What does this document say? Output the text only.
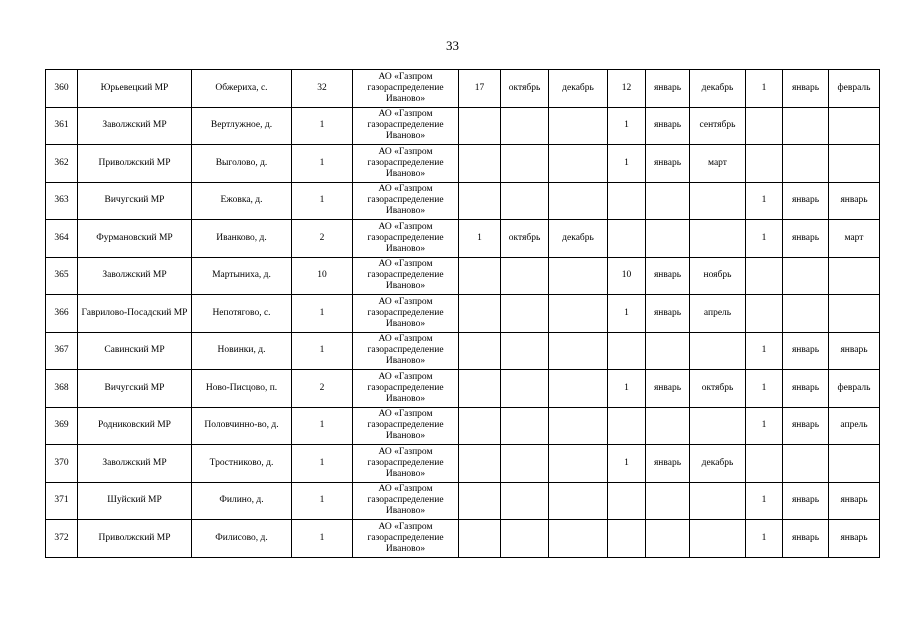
33
360	Юрьевецкий МР	Обжериха, с.	32	АО «Газпром
газораспределение
Иваново»	17	октябрь	декабрь	12	январь	декабрь	1	январь	февраль
361	Заволжский МР	Вертлужное, д.	1	АО «Газпром
газораспределение
Иваново»				1	январь	сентябрь			
362	Приволжский МР	Выголово, д.	1	АО «Газпром
газораспределение
Иваново»				1	январь	март			
363	Вичугский МР	Ежовка, д.	1	АО «Газпром
газораспределение
Иваново»							1	январь	январь
364	Фурмановский МР	Иванково, д.	2	АО «Газпром
газораспределение
Иваново»	1	октябрь	декабрь				1	январь	март
365	Заволжский МР	Мартыниха, д.	10	АО «Газпром
газораспределение
Иваново»				10	январь	ноябрь			
366	Гаврилово-Посадский МР	Непотягово, с.	1	АО «Газпром
газораспределение
Иваново»				1	январь	апрель			
367	Савинский МР	Новинки, д.	1	АО «Газпром
газораспределение
Иваново»							1	январь	январь
368	Вичугский МР	Ново-Писцово, п.	2	АО «Газпром
газораспределение
Иваново»				1	январь	октябрь	1	январь	февраль
369	Родниковский МР	Половчинно-во, д.	1	АО «Газпром
газораспределение
Иваново»							1	январь	апрель
370	Заволжский МР	Тростниково, д.	1	АО «Газпром
газораспределение
Иваново»				1	январь	декабрь			
371	Шуйский МР	Филино, д.	1	АО «Газпром
газораспределение
Иваново»							1	январь	январь
372	Приволжский МР	Филисово, д.	1	АО «Газпром
газораспределение
Иваново»							1	январь	январь
